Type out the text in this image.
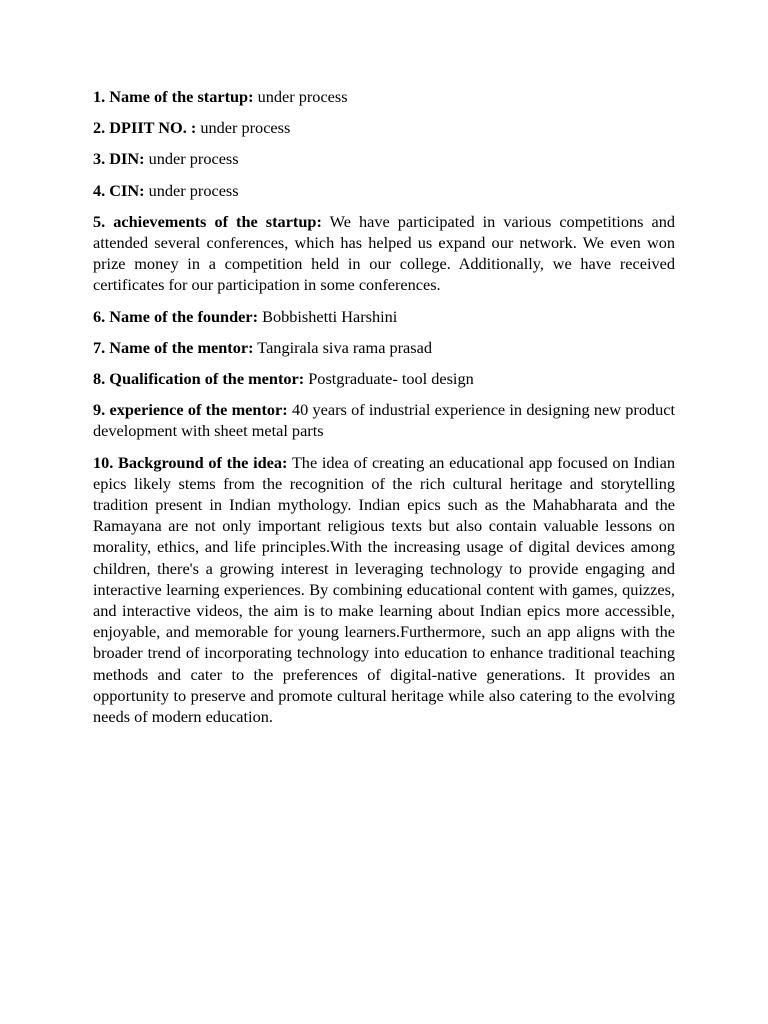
1. Name of the startup: under process

2. DPIIT NO. : under process

3. DIN: under process

4. CIN: under process

5. achievements of the startup: We have participated in various competitions and attended several conferences, which has helped us expand our network. We even won prize money in a competition held in our college. Additionally, we have received certificates for our participation in some conferences.

6. Name of the founder: Bobbishetti Harshini

7. Name of the mentor: Tangirala siva rama prasad

8. Qualification of the mentor: Postgraduate- tool design

9. experience of the mentor: 40 years of industrial experience in designing new product development with sheet metal parts

10. Background of the idea: The idea of creating an educational app focused on Indian epics likely stems from the recognition of the rich cultural heritage and storytelling tradition present in Indian mythology. Indian epics such as the Mahabharata and the Ramayana are not only important religious texts but also contain valuable lessons on morality, ethics, and life principles.With the increasing usage of digital devices among children, there's a growing interest in leveraging technology to provide engaging and interactive learning experiences. By combining educational content with games, quizzes, and interactive videos, the aim is to make learning about Indian epics more accessible, enjoyable, and memorable for young learners.Furthermore, such an app aligns with the broader trend of incorporating technology into education to enhance traditional teaching methods and cater to the preferences of digital-native generations. It provides an opportunity to preserve and promote cultural heritage while also catering to the evolving needs of modern education.
